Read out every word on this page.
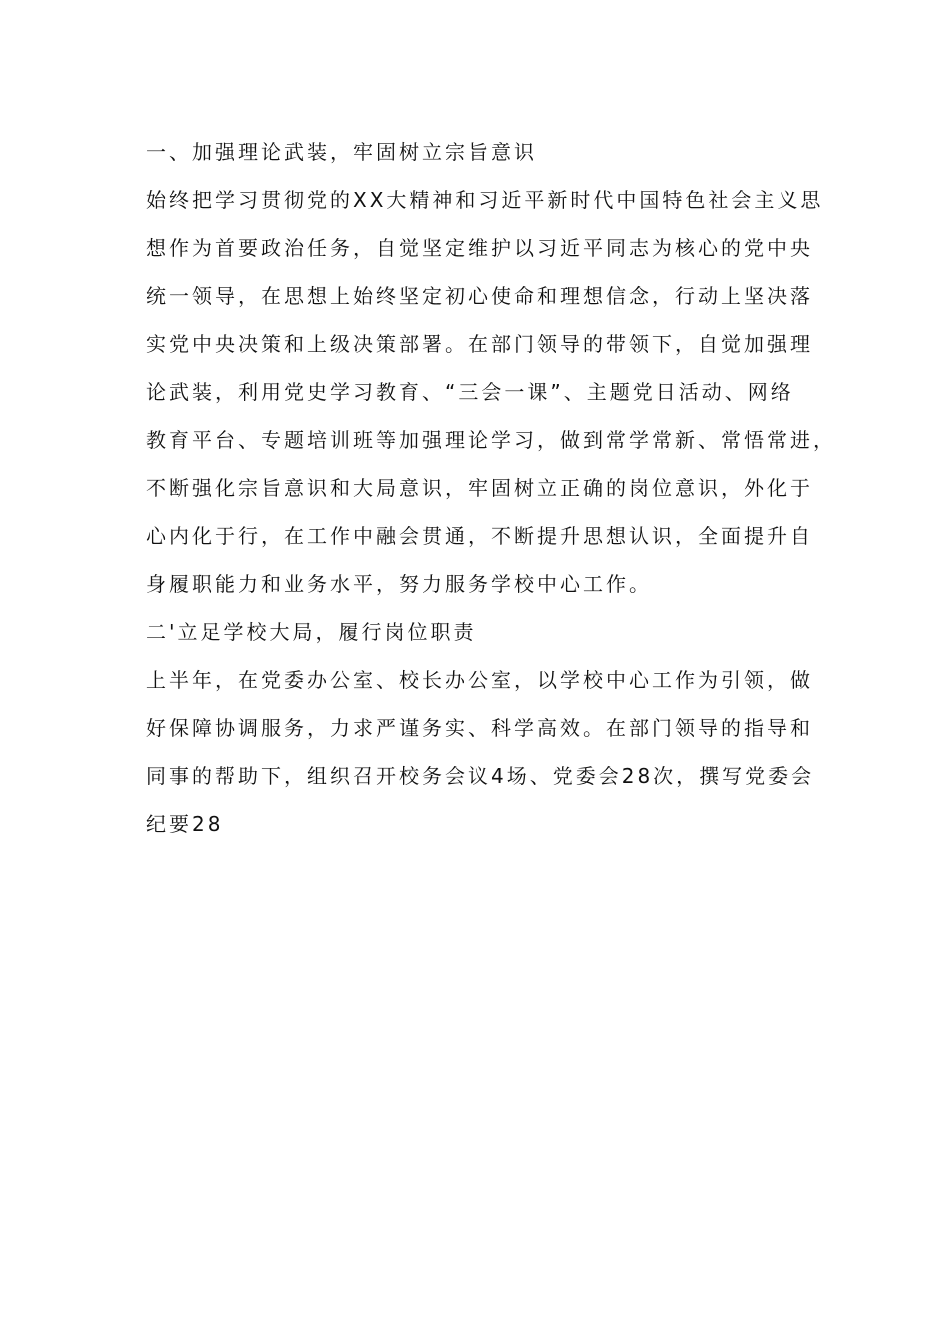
一、加强理论武装，牢固树立宗旨意识
始终把学习贯彻党的XX大精神和习近平新时代中国特色社会主义思
想作为首要政治任务，自觉坚定维护以习近平同志为核心的党中央
统一领导，在思想上始终坚定初心使命和理想信念，行动上坚决落
实党中央决策和上级决策部署。在部门领导的带领下，自觉加强理
论武装，利用党史学习教育、“三会一课”、主题党日活动、网络
教育平台、专题培训班等加强理论学习，做到常学常新、常悟常进，
不断强化宗旨意识和大局意识，牢固树立正确的岗位意识，外化于
心内化于行，在工作中融会贯通，不断提升思想认识，全面提升自
身履职能力和业务水平，努力服务学校中心工作。
二'立足学校大局，履行岗位职责
上半年，在党委办公室、校长办公室，以学校中心工作为引领，做
好保障协调服务，力求严谨务实、科学高效。在部门领导的指导和
同事的帮助下，组织召开校务会议4场、党委会28次，撰写党委会
纪要28
